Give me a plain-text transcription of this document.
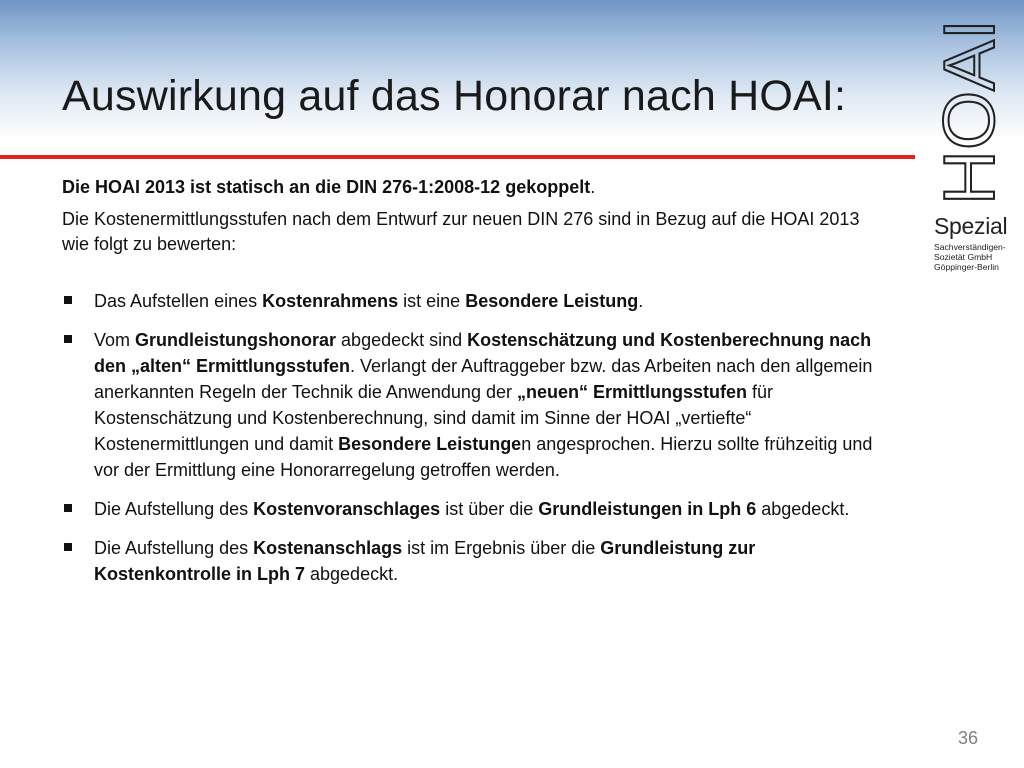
Auswirkung auf das Honorar nach HOAI: HOAI

Spezial

Sachverständigen-
Sozietät GmbH
Göppinger-Berlin

Die HOAI 2013 ist statisch an die DIN 276-1:2008-12 gekoppelt.

Die Kostenermittlungsstufen nach dem Entwurf zur neuen DIN 276 sind in Bezug auf die HOAI 2013 wie folgt zu bewerten:

Das Aufstellen eines Kostenrahmens ist eine Besondere Leistung.
Vom Grundleistungshonorar abgedeckt sind Kostenschätzung und Kostenberechnung nach den „alten“ Ermittlungsstufen. Verlangt der Auftraggeber bzw. das Arbeiten nach den allgemein anerkannten Regeln der Technik die Anwendung der „neuen“ Ermittlungsstufen für Kostenschätzung und Kostenberechnung, sind damit im Sinne der HOAI „vertiefte“ Kostenermittlungen und damit Besondere Leistungen angesprochen. Hierzu sollte frühzeitig und vor der Ermittlung eine Honorarregelung getroffen werden.
Die Aufstellung des Kostenvoranschlages ist über die Grundleistungen in Lph 6 abgedeckt.
Die Aufstellung des Kostenanschlags ist im Ergebnis über die Grundleistung zur Kostenkontrolle in Lph 7 abgedeckt.
36
